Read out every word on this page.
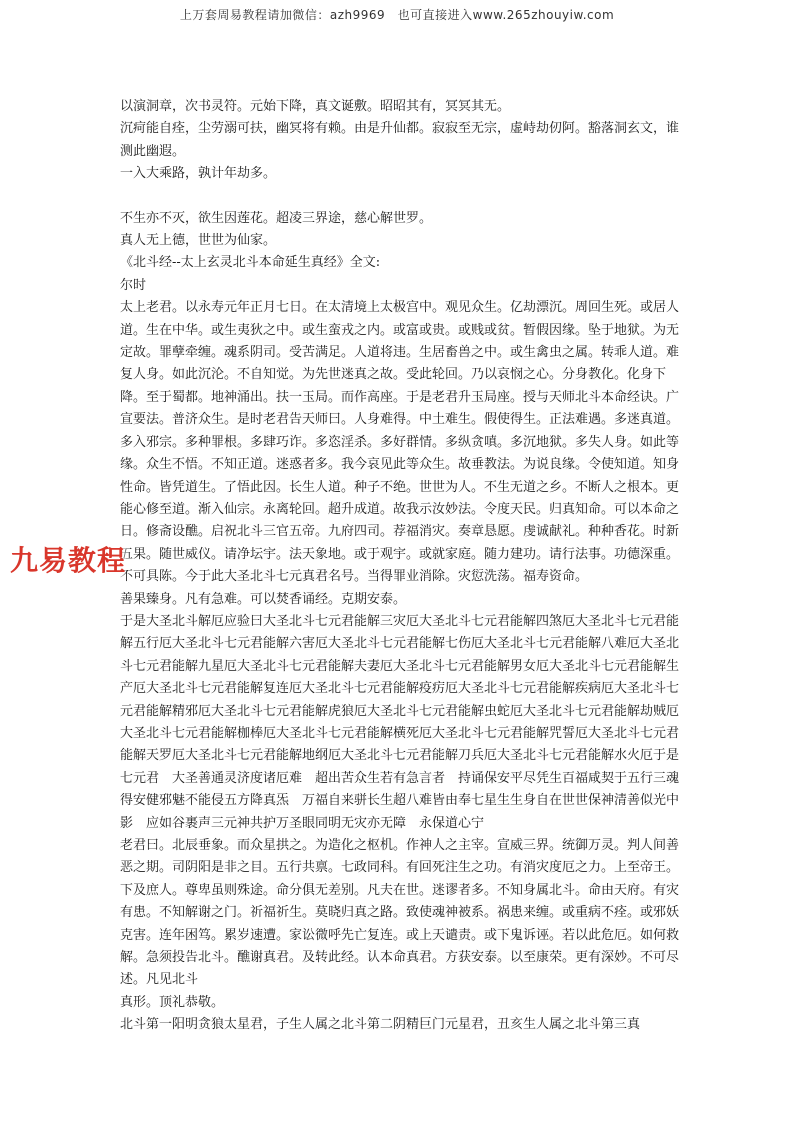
上万套周易教程请加微信：azh9969　也可直接进入www.265zhouyiw.com

以演洞章，次书灵符。元始下降，真文诞敷。昭昭其有，冥冥其无。

沉疴能自痊，尘劳溺可扶，幽冥将有赖。由是升仙都。寂寂至无宗，虚峙劫仞阿。豁落洞玄文，谁测此幽遐。

一入大乘路，孰计年劫多。

不生亦不灭，欲生因莲花。超凌三界途，慈心解世罗。

真人无上德，世世为仙家。

《北斗经--太上玄灵北斗本命延生真经》全文:

尔时

太上老君。以永寿元年正月七日。在太清境上太极宫中。观见众生。亿劫漂沉。周回生死。或居人道。生在中华。或生夷狄之中。或生蛮戎之内。或富或贵。或贱或贫。暂假因缘。坠于地狱。为无定故。罪孽牵缠。魂系阴司。受苦满足。人道将违。生居畜兽之中。或生禽虫之属。转乖人道。难复人身。如此沉沦。不自知觉。为先世迷真之故。受此轮回。乃以哀悯之心。分身教化。化身下降。至于蜀都。地神涌出。扶一玉局。而作高座。于是老君升玉局座。授与天师北斗本命经诀。广宣要法。普济众生。是时老君告天师曰。人身难得。中土难生。假使得生。正法难遇。多迷真道。多入邪宗。多种罪根。多肆巧诈。多恣淫杀。多好群情。多纵贪嗔。多沉地狱。多失人身。如此等缘。众生不悟。不知正道。迷惑者多。我今哀见此等众生。故垂教法。为说良缘。令使知道。知身性命。皆凭道生。了悟此因。长生人道。种子不绝。世世为人。不生无道之乡。不断人之根本。更能心修至道。渐入仙宗。永离轮回。超升成道。故我示汝妙法。令度天民。归真知命。可以本命之日。修斋设醮。启祝北斗三官五帝。九府四司。荐福消灾。奏章恳愿。虔诚献礼。种种香花。时新五果。随世威仪。请净坛宇。法天象地。或于观宇。或就家庭。随力建功。请行法事。功德深重。不可具陈。今于此大圣北斗七元真君名号。当得罪业消除。灾愆洗荡。福寿资命。

善果臻身。凡有急难。可以焚香诵经。克期安泰。

于是大圣北斗解厄应验曰大圣北斗七元君能解三灾厄大圣北斗七元君能解四煞厄大圣北斗七元君能解五行厄大圣北斗七元君能解六害厄大圣北斗七元君能解七伤厄大圣北斗七元君能解八难厄大圣北斗七元君能解九星厄大圣北斗七元君能解夫妻厄大圣北斗七元君能解男女厄大圣北斗七元君能解生产厄大圣北斗七元君能解复连厄大圣北斗七元君能解疫疠厄大圣北斗七元君能解疾病厄大圣北斗七元君能解精邪厄大圣北斗七元君能解虎狼厄大圣北斗七元君能解虫蛇厄大圣北斗七元君能解劫贼厄大圣北斗七元君能解枷棒厄大圣北斗七元君能解横死厄大圣北斗七元君能解咒誓厄大圣北斗七元君能解天罗厄大圣北斗七元君能解地纲厄大圣北斗七元君能解刀兵厄大圣北斗七元君能解水火厄于是七元君　大圣善通灵济度诸厄难　超出苦众生若有急言者　持诵保安平尽凭生百福咸契于五行三魂得安健邪魅不能侵五方降真炁　万福自来骈长生超八难皆由奉七星生生身自在世世保神清善似光中影　应如谷裹声三元神共护万圣眼同明无灾亦无障　永保道心宁

老君曰。北辰垂象。而众星拱之。为造化之枢机。作神人之主宰。宣威三界。统御万灵。判人间善恶之期。司阴阳是非之目。五行共禀。七政同科。有回死注生之功。有消灾度厄之力。上至帝王。下及庶人。尊卑虽则殊途。命分俱无差别。凡夫在世。迷谬者多。不知身属北斗。命由天府。有灾有患。不知解谢之门。祈福祈生。莫晓归真之路。致使魂神被系。祸患来缠。或重病不痊。或邪妖克害。连年困笃。累岁速遭。家讼微呼先亡复连。或上天谴责。或下鬼诉诬。若以此危厄。如何救解。急须投告北斗。醮谢真君。及转此经。认本命真君。方获安泰。以至康荣。更有深妙。不可尽述。凡见北斗

真形。顶礼恭敬。

北斗第一阳明贪狼太星君，子生人属之北斗第二阴精巨门元星君，丑亥生人属之北斗第三真

九易教程
